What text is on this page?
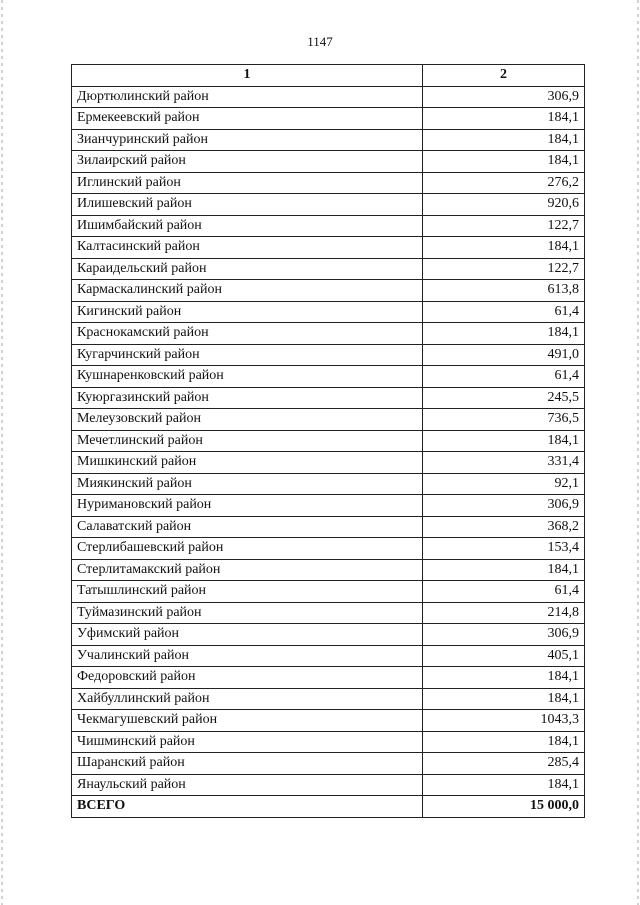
1147
1	2
Дюртюлинский район	306,9
Ермекеевский район	184,1
Зианчуринский район	184,1
Зилаирский район	184,1
Иглинский район	276,2
Илишевский район	920,6
Ишимбайский район	122,7
Калтасинский район	184,1
Караидельский район	122,7
Кармаскалинский район	613,8
Кигинский район	61,4
Краснокамский район	184,1
Кугарчинский район	491,0
Кушнаренковский район	61,4
Куюргазинский район	245,5
Мелеузовский район	736,5
Мечетлинский район	184,1
Мишкинский район	331,4
Миякинский район	92,1
Нуримановский район	306,9
Салаватский район	368,2
Стерлибашевский район	153,4
Стерлитамакский район	184,1
Татышлинский район	61,4
Туймазинский район	214,8
Уфимский район	306,9
Учалинский район	405,1
Федоровский район	184,1
Хайбуллинский район	184,1
Чекмагушевский район	1043,3
Чишминский район	184,1
Шаранский район	285,4
Янаульский район	184,1
ВСЕГО	15 000,0
